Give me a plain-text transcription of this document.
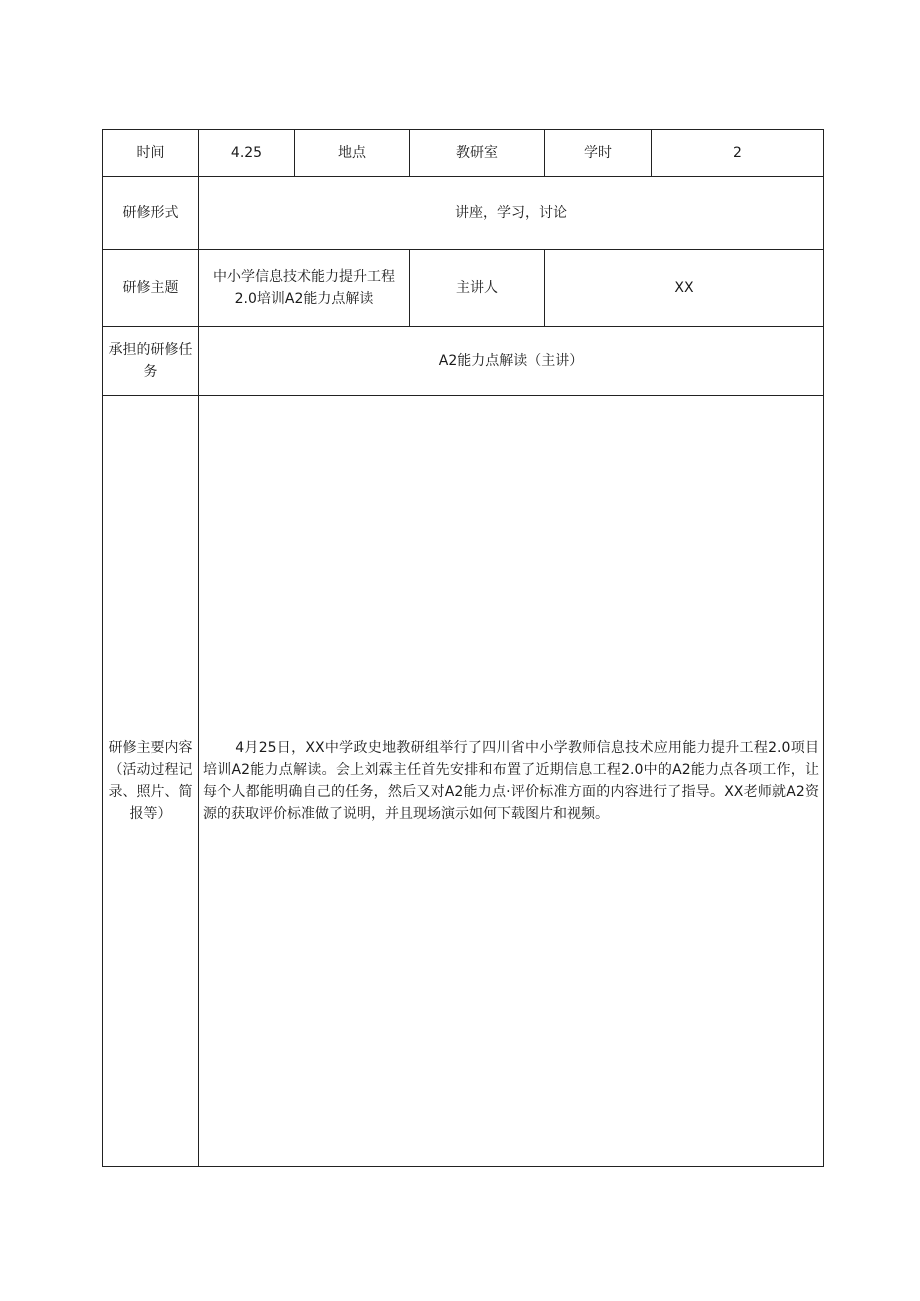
时间	4.25	地点	教研室	学时	2
研修形式	讲座，学习，讨论				
研修主题	中小学信息技术能力提升工程2.0培训A2能力点解读		主讲人	XX	
承担的研修任务	A2能力点解读（主讲）				
研修主要内容（活动过程记录、照片、简报等）	4月25日，XX中学政史地教研组举行了四川省中小学教师信息技术应用能力提升工程2.0项目培训A2能力点解读。会上刘霖主任首先安排和布置了近期信息工程2.0中的A2能力点各项工作，让每个人都能明确自己的任务，然后又对A2能力点·评价标准方面的内容进行了指导。XX老师就A2资源的获取评价标准做了说明，并且现场演示如何下载图片和视频。				
